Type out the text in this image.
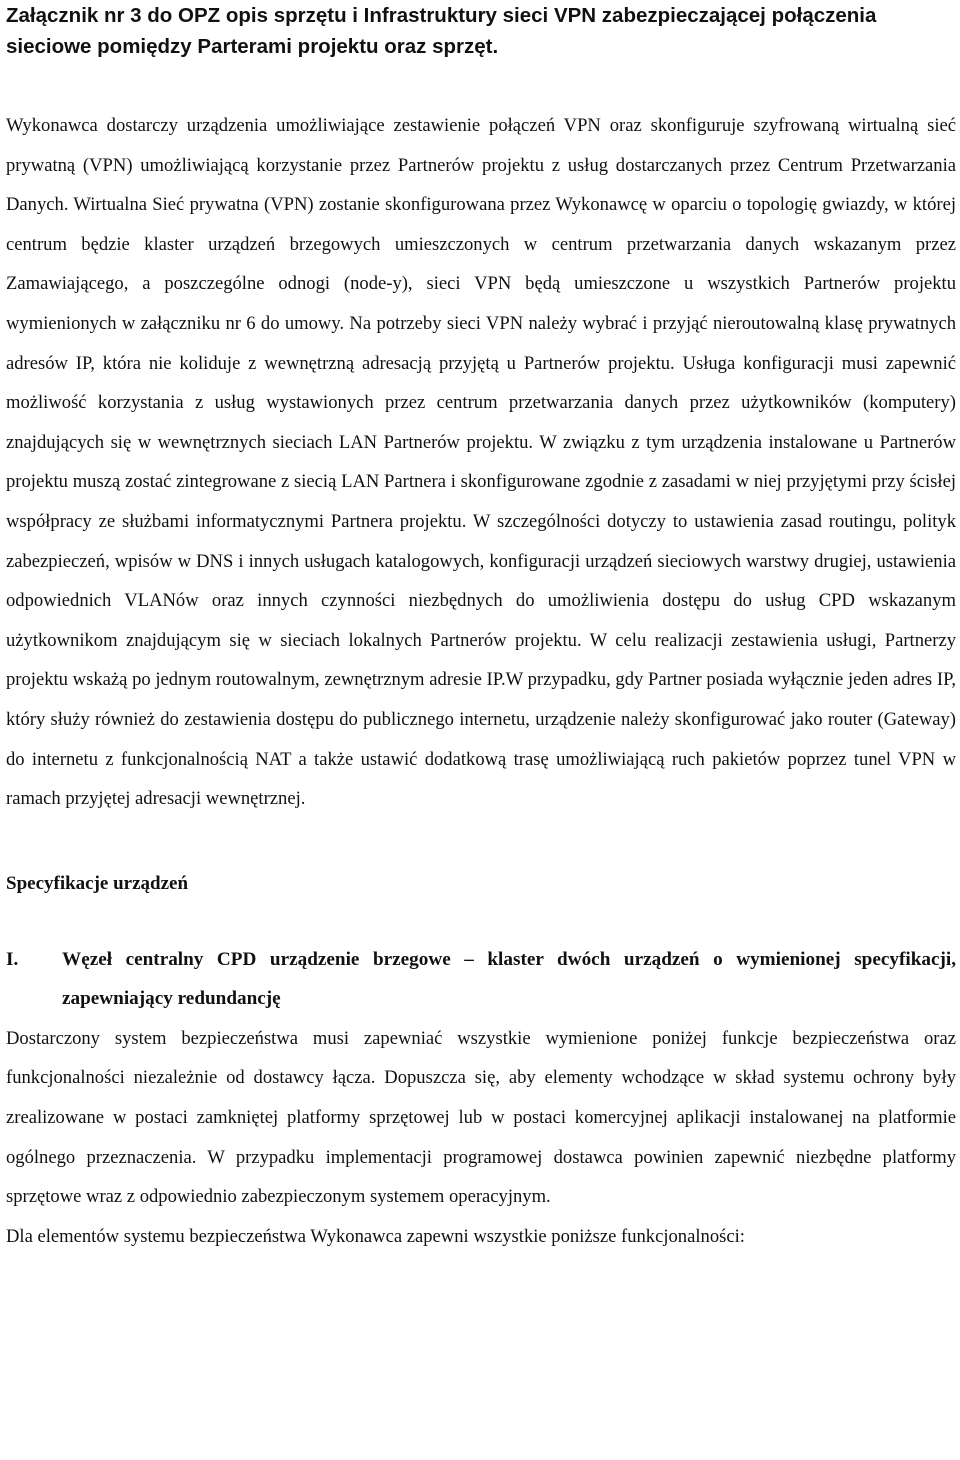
Załącznik nr 3 do OPZ opis sprzętu i Infrastruktury sieci VPN zabezpieczającej połączenia sieciowe pomiędzy Parterami projektu oraz sprzęt.

Wykonawca dostarczy urządzenia umożliwiające zestawienie połączeń VPN oraz skonfiguruje szyfrowaną wirtualną sieć prywatną (VPN) umożliwiającą korzystanie przez Partnerów projektu z usług dostarczanych przez Centrum Przetwarzania Danych. Wirtualna Sieć prywatna (VPN) zostanie skonfigurowana przez Wykonawcę w oparciu o topologię gwiazdy, w której centrum będzie klaster urządzeń brzegowych umieszczonych w centrum przetwarzania danych wskazanym przez Zamawiającego, a poszczególne odnogi (node-y), sieci VPN będą umieszczone u wszystkich Partnerów projektu wymienionych w załączniku nr 6 do umowy. Na potrzeby sieci VPN należy wybrać i przyjąć nieroutowalną klasę prywatnych adresów IP, która nie koliduje z wewnętrzną adresacją przyjętą u Partnerów projektu. Usługa konfiguracji musi zapewnić możliwość korzystania z usług wystawionych przez centrum przetwarzania danych przez użytkowników (komputery) znajdujących się w wewnętrznych sieciach LAN Partnerów projektu. W związku z tym urządzenia instalowane u Partnerów projektu muszą zostać zintegrowane z siecią LAN Partnera i skonfigurowane zgodnie z zasadami w niej przyjętymi przy ścisłej współpracy ze służbami informatycznymi Partnera projektu. W szczególności dotyczy to ustawienia zasad routingu, polityk zabezpieczeń, wpisów w DNS i innych usługach katalogowych, konfiguracji urządzeń sieciowych warstwy drugiej, ustawienia odpowiednich VLANów oraz innych czynności niezbędnych do umożliwienia dostępu do usług CPD wskazanym użytkownikom znajdującym się w sieciach lokalnych Partnerów projektu. W celu realizacji zestawienia usługi, Partnerzy projektu wskażą po jednym routowalnym, zewnętrznym adresie IP.W przypadku, gdy Partner posiada wyłącznie jeden adres IP, który służy również do zestawienia dostępu do publicznego internetu, urządzenie należy skonfigurować jako router (Gateway) do internetu z funkcjonalnością NAT a także ustawić dodatkową trasę umożliwiającą ruch pakietów poprzez tunel VPN w ramach przyjętej adresacji wewnętrznej.

Specyfikacje urządzeń

I.	Węzeł centralny CPD urządzenie brzegowe – klaster dwóch urządzeń o wymienionej specyfikacji, zapewniający redundancję

Dostarczony system bezpieczeństwa musi zapewniać wszystkie wymienione poniżej funkcje bezpieczeństwa oraz funkcjonalności niezależnie od dostawcy łącza. Dopuszcza się, aby elementy wchodzące w skład systemu ochrony były zrealizowane w postaci zamkniętej platformy sprzętowej lub w postaci komercyjnej aplikacji instalowanej na platformie ogólnego przeznaczenia. W przypadku implementacji programowej dostawca powinien zapewnić niezbędne platformy sprzętowe wraz z odpowiednio zabezpieczonym systemem operacyjnym.

Dla elementów systemu bezpieczeństwa Wykonawca zapewni wszystkie poniższe funkcjonalności:
